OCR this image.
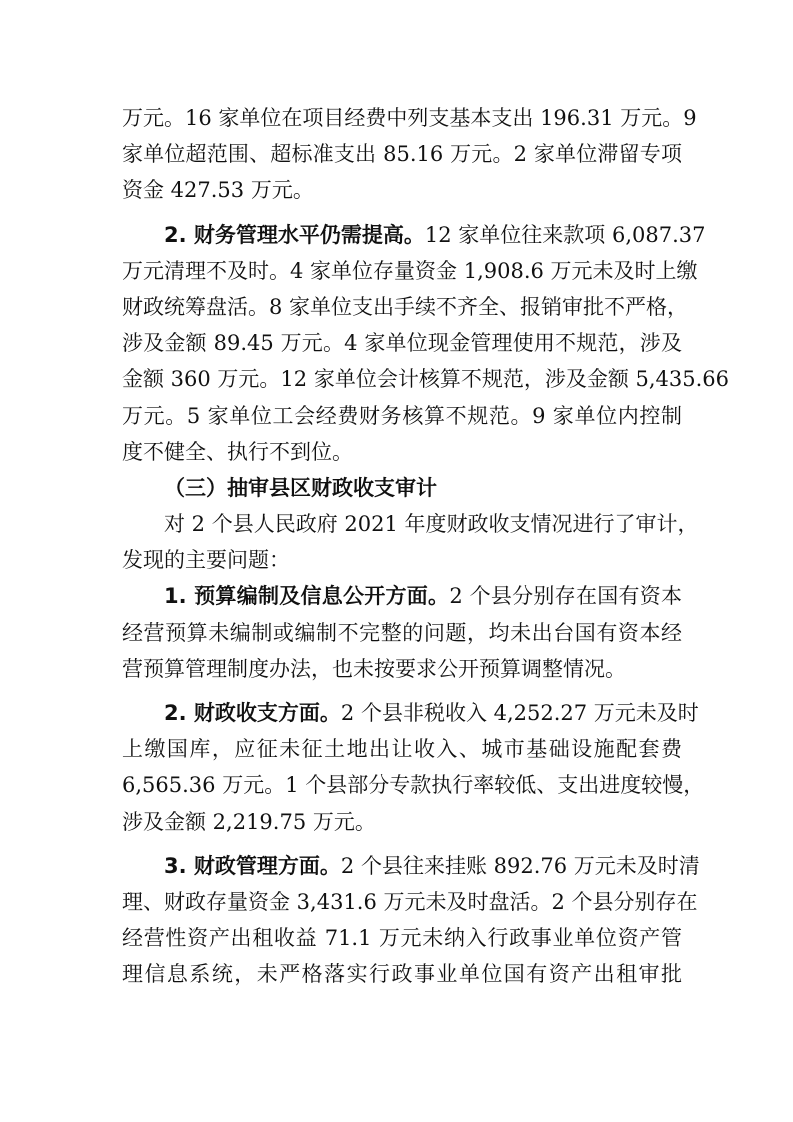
万元。16 家单位在项目经费中列支基本支出 196.31 万元。9
家单位超范围、超标准支出 85.16 万元。2 家单位滞留专项
资金 427.53 万元。
2. 财务管理水平仍需提高。12 家单位往来款项 6,087.37
万元清理不及时。4 家单位存量资金 1,908.6 万元未及时上缴
财政统筹盘活。8 家单位支出手续不齐全、报销审批不严格，
涉及金额 89.45 万元。4 家单位现金管理使用不规范，涉及
金额 360 万元。12 家单位会计核算不规范，涉及金额 5,435.66
万元。5 家单位工会经费财务核算不规范。9 家单位内控制
度不健全、执行不到位。
（三）抽审县区财政收支审计
对 2 个县人民政府 2021 年度财政收支情况进行了审计，
发现的主要问题：
1. 预算编制及信息公开方面。2 个县分别存在国有资本
经营预算未编制或编制不完整的问题，均未出台国有资本经
营预算管理制度办法，也未按要求公开预算调整情况。
2. 财政收支方面。2 个县非税收入 4,252.27 万元未及时
上缴国库，应征未征土地出让收入、城市基础设施配套费
6,565.36 万元。1 个县部分专款执行率较低、支出进度较慢，
涉及金额 2,219.75 万元。
3. 财政管理方面。2 个县往来挂账 892.76 万元未及时清
理、财政存量资金 3,431.6 万元未及时盘活。2 个县分别存在
经营性资产出租收益 71.1 万元未纳入行政事业单位资产管
理信息系统，未严格落实行政事业单位国有资产出租审批
